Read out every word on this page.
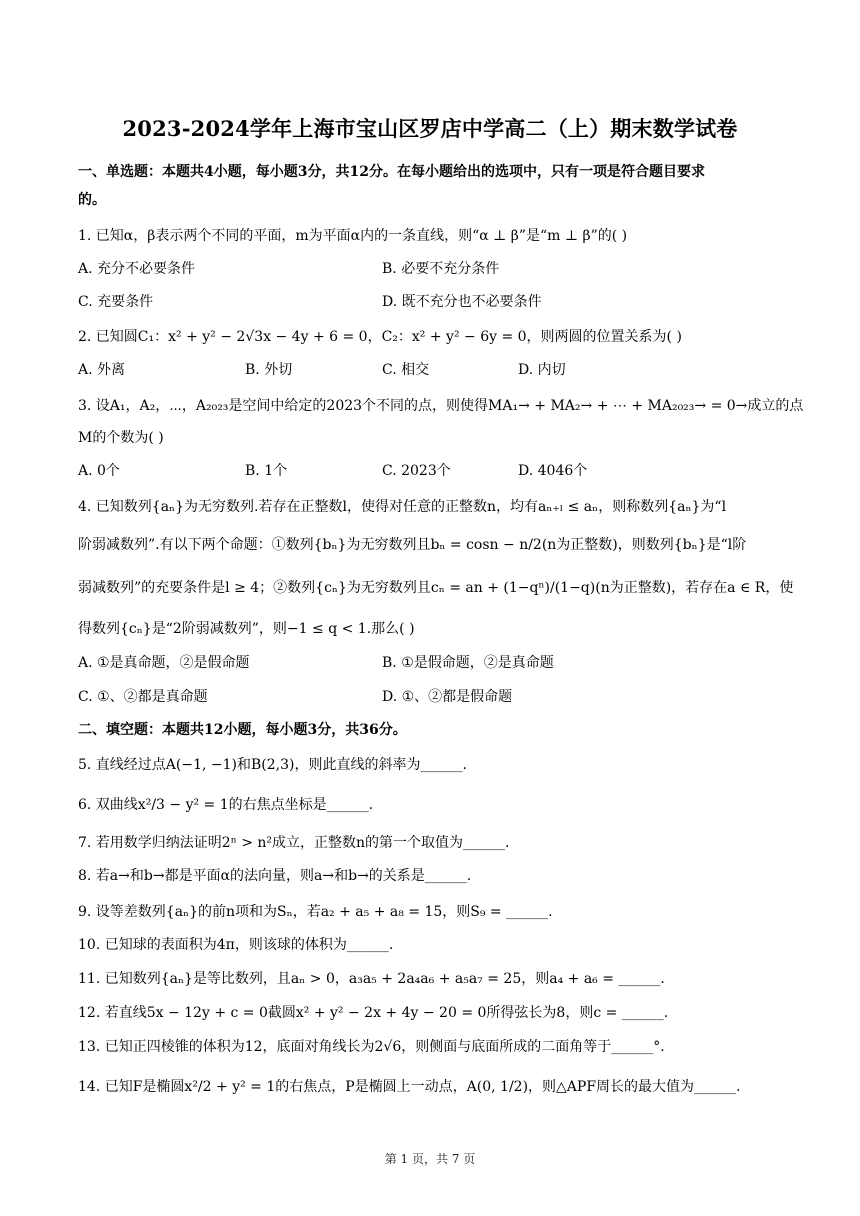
2023-2024学年上海市宝山区罗店中学高二（上）期末数学试卷
一、单选题：本题共4小题，每小题3分，共12分。在每小题给出的选项中，只有一项是符合题目要求
的。
1. 已知α，β表示两个不同的平面，m为平面α内的一条直线，则“α ⊥ β”是“m ⊥ β”的( )
A. 充分不必要条件	B. 必要不充分条件
C. 充要条件	D. 既不充分也不必要条件
2. 已知圆C₁：x² + y² − 2√3x − 4y + 6 = 0，C₂：x² + y² − 6y = 0，则两圆的位置关系为( )
A. 外离	B. 外切	C. 相交	D. 内切
3. 设A₁，A₂，⋯，A₂₀₂₃是空间中给定的2023个不同的点，则使得MA₁→ + MA₂→ + ⋯ + MA₂₀₂₃→ = 0→成立的点
M的个数为( )
A. 0个	B. 1个	C. 2023个	D. 4046个
4. 已知数列{aₙ}为无穷数列.若存在正整数l，使得对任意的正整数n，均有aₙ₊ₗ ≤ aₙ，则称数列{aₙ}为“l
阶弱减数列”.有以下两个命题：①数列{bₙ}为无穷数列且bₙ = cosn − n/2(n为正整数)，则数列{bₙ}是“l阶
弱减数列”的充要条件是l ≥ 4；②数列{cₙ}为无穷数列且cₙ = an + (1−qⁿ)/(1−q)(n为正整数)，若存在a ∈ R，使
得数列{cₙ}是“2阶弱减数列”，则−1 ≤ q < 1.那么( )
A. ①是真命题，②是假命题	B. ①是假命题，②是真命题
C. ①、②都是真命题	D. ①、②都是假命题
二、填空题：本题共12小题，每小题3分，共36分。
5. 直线经过点A(−1, −1)和B(2,3)，则此直线的斜率为______.
6. 双曲线x²/3 − y² = 1的右焦点坐标是______.
7. 若用数学归纳法证明2ⁿ > n²成立，正整数n的第一个取值为______.
8. 若a→和b→都是平面α的法向量，则a→和b→的关系是______.
9. 设等差数列{aₙ}的前n项和为Sₙ，若a₂ + a₅ + a₈ = 15，则S₉ = ______.
10. 已知球的表面积为4π，则该球的体积为______.
11. 已知数列{aₙ}是等比数列，且aₙ > 0，a₃a₅ + 2a₄a₆ + a₅a₇ = 25，则a₄ + a₆ = ______.
12. 若直线5x − 12y + c = 0截圆x² + y² − 2x + 4y − 20 = 0所得弦长为8，则c = ______.
13. 已知正四棱锥的体积为12，底面对角线长为2√6，则侧面与底面所成的二面角等于______°.
14. 已知F是椭圆x²/2 + y² = 1的右焦点，P是椭圆上一动点，A(0, 1/2)，则△APF周长的最大值为______.
第 1 页，共 7 页
